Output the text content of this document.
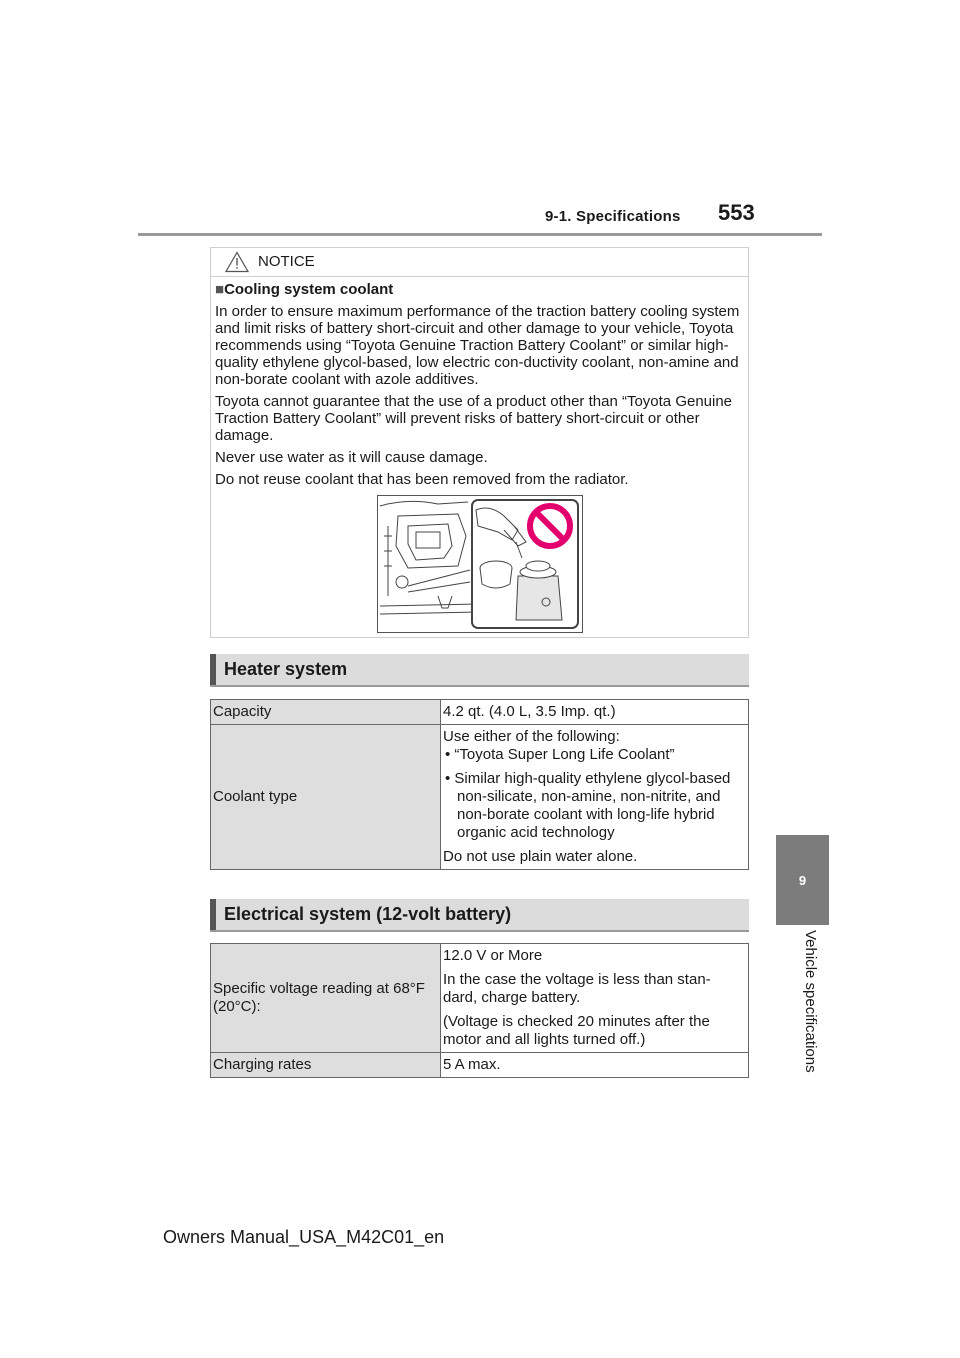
9-1. Specifications 553
9
Vehicle specifications
NOTICE

■Cooling system coolant

In order to ensure maximum performance of the traction battery cooling system and limit risks of battery short-circuit and other damage to your vehicle, Toyota recommends using “Toyota Genuine Traction Battery Coolant” or similar high-quality ethylene glycol-based, low electric con-ductivity coolant, non-amine and non-borate coolant with azole additives.

Toyota cannot guarantee that the use of a product other than “Toyota Genuine Traction Battery Coolant” will prevent risks of battery short-circuit or other damage.

Never use water as it will cause damage.

Do not reuse coolant that has been removed from the radiator.

Heater system
Capacity	4.2 qt. (4.0 L, 3.5 Imp. qt.)
Coolant type	Use either of the following:

• “Toyota Super Long Life Coolant”

• Similar high-quality ethylene glycol-based non-silicate, non-amine, non-nitrite, and non-borate coolant with long-life hybrid organic acid technology

Do not use plain water alone.

Electrical system (12-volt battery)
Specific voltage reading at 68°F (20°C):	12.0 V or More

In the case the voltage is less than stan-dard, charge battery.

(Voltage is checked 20 minutes after the motor and all lights turned off.)

Charging rates	5 A max.
Owners Manual_USA_M42C01_en
